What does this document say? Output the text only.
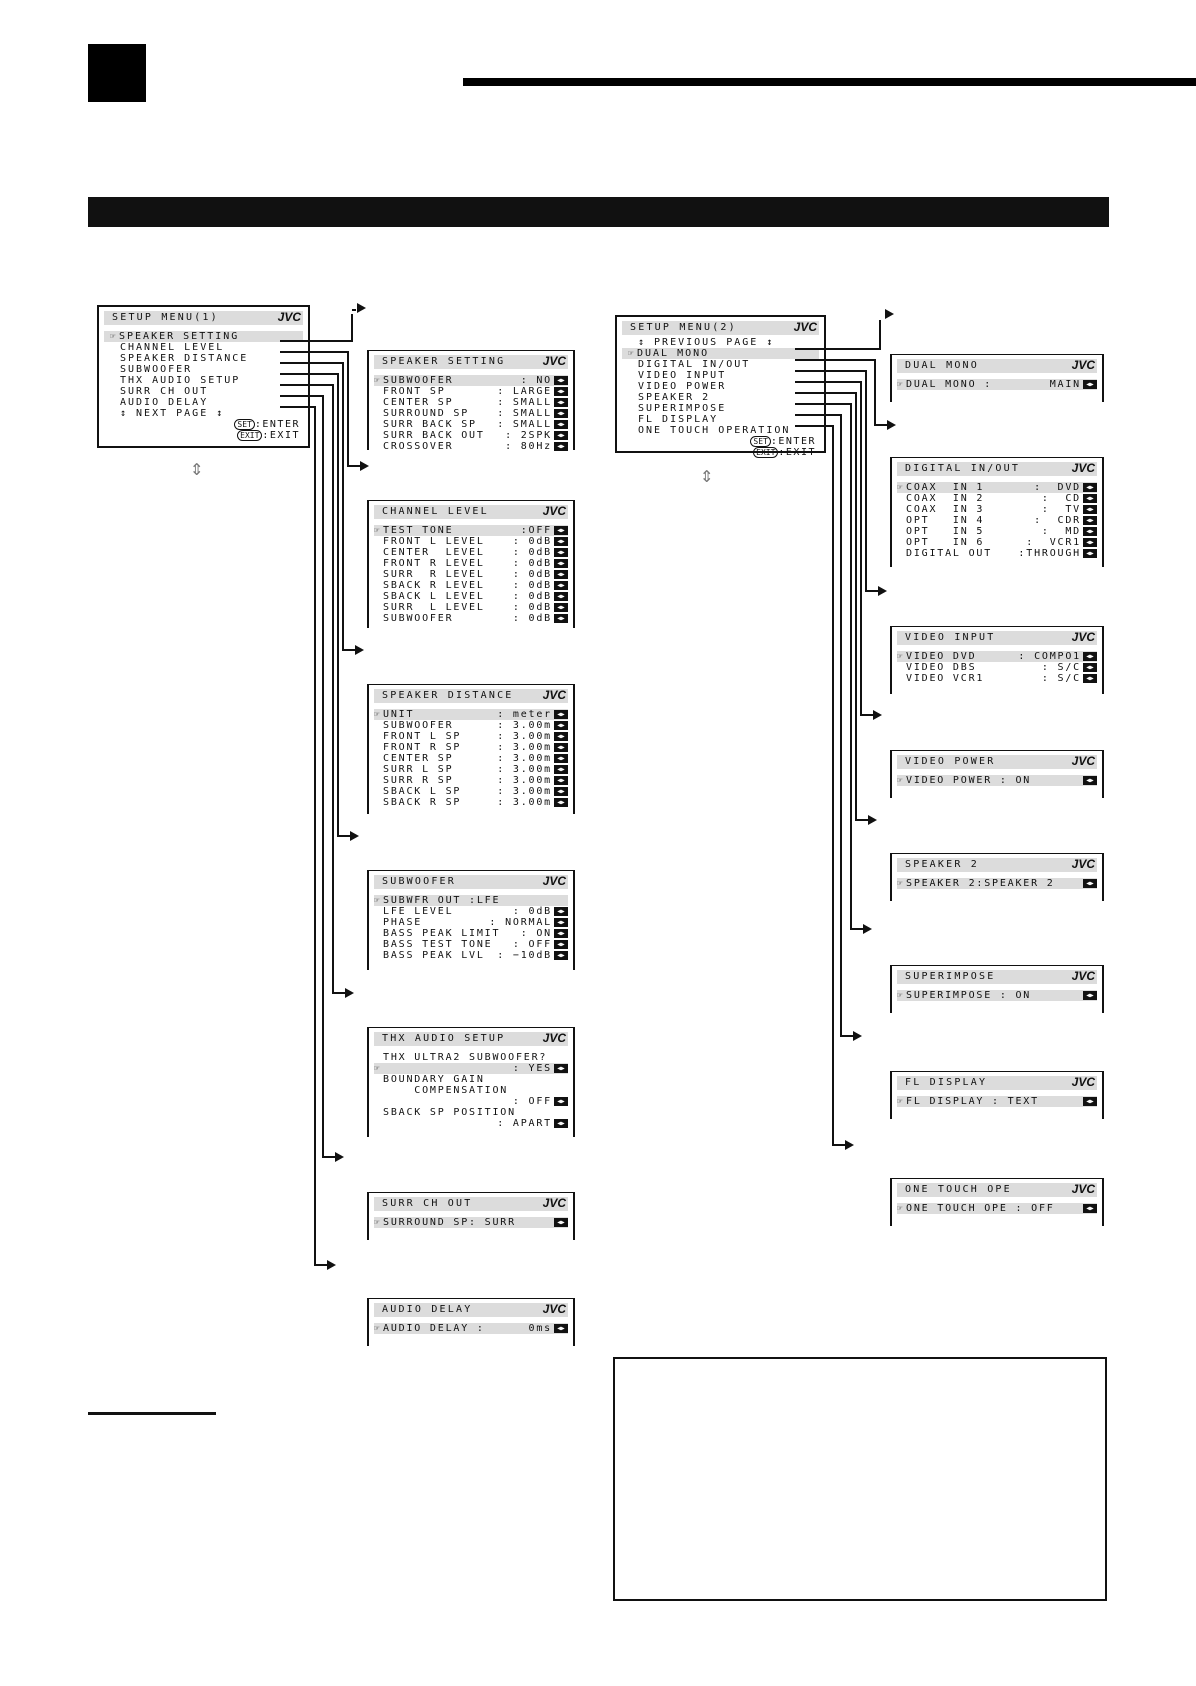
SETUP MENU(1)	JVC
☞ SPEAKER SETTING
CHANNEL LEVEL
SPEAKER DISTANCE
SUBWOOFER
THX AUDIO SETUP
SURR CH OUT
AUDIO DELAY
↕ NEXT PAGE ↕
SET :ENTER
EXIT :EXIT
⇕
SETUP MENU(2)	JVC
↕ PREVIOUS PAGE ↕
☞ DUAL MONO
DIGITAL IN/OUT
VIDEO INPUT
VIDEO POWER
SPEAKER 2
SUPERIMPOSE
FL DISPLAY
ONE TOUCH OPERATION
SET :ENTER
EXIT :EXIT
⇕
SPEAKER SETTING	JVC
☞ SUBWOOFER	: NO ◀▶
FRONT SP	: LARGE ◀▶
CENTER SP	: SMALL ◀▶
SURROUND SP	: SMALL ◀▶
SURR BACK SP : SMALL ◀▶
SURR BACK OUT : 2SPK ◀▶
CROSSOVER	: 80Hz ◀▶
CHANNEL LEVEL	JVC
☞ TEST TONE	:OFF ◀▶
FRONT L LEVEL	: 0dB ◀▶
CENTER  LEVEL	: 0dB ◀▶
FRONT R LEVEL	: 0dB ◀▶
SURR  R LEVEL	: 0dB ◀▶
SBACK R LEVEL	: 0dB ◀▶
SBACK L LEVEL	: 0dB ◀▶
SURR  L LEVEL	: 0dB ◀▶
SUBWOOFER	: 0dB ◀▶
SPEAKER DISTANCE JVC
☞ UNIT	: meter ◀▶
SUBWOOFER	: 3.00m ◀▶
FRONT L SP	: 3.00m ◀▶
FRONT R SP	: 3.00m ◀▶
CENTER SP	: 3.00m ◀▶
SURR L SP	: 3.00m ◀▶
SURR R SP	: 3.00m ◀▶
SBACK L SP	: 3.00m ◀▶
SBACK R SP	: 3.00m ◀▶
SUBWOOFER	JVC
☞ SUBWFR OUT :LFE
LFE LEVEL	: 0dB ◀▶
PHASE	: NORMAL ◀▶
BASS PEAK LIMIT : ON ◀▶
BASS TEST TONE : OFF ◀▶
BASS PEAK LVL : −10dB ◀▶
THX AUDIO SETUP	JVC
THX ULTRA2 SUBWOOFER?
☞	: YES ◀▶
BOUNDARY GAIN
COMPENSATION
: OFF ◀▶
SBACK SP POSITION
: APART ◀▶
SURR CH OUT	JVC
☞ SURROUND SP: SURR	◀▶
AUDIO DELAY	JVC
☞ AUDIO DELAY :	0ms ◀▶
DUAL MONO	JVC
☞ DUAL MONO :	MAIN ◀▶
DIGITAL IN/OUT	JVC
☞ COAX  IN 1	:  DVD ◀▶
COAX  IN 2	:  CD ◀▶
COAX  IN 3	:  TV ◀▶
OPT   IN 4	:  CDR ◀▶
OPT   IN 5	:  MD ◀▶
OPT   IN 6	:  VCR1 ◀▶
DIGITAL OUT	:THROUGH ◀▶
VIDEO INPUT	JVC
☞ VIDEO DVD	: COMPO1 ◀▶
VIDEO DBS	: S/C ◀▶
VIDEO VCR1	: S/C ◀▶
VIDEO POWER	JVC
☞ VIDEO POWER : ON	◀▶
SPEAKER 2	JVC
☞ SPEAKER 2:SPEAKER 2	◀▶
SUPERIMPOSE	JVC
☞ SUPERIMPOSE : ON	◀▶
FL DISPLAY	JVC
☞ FL DISPLAY : TEXT	◀▶
ONE TOUCH OPE	JVC
☞ ONE TOUCH OPE : OFF	◀▶
